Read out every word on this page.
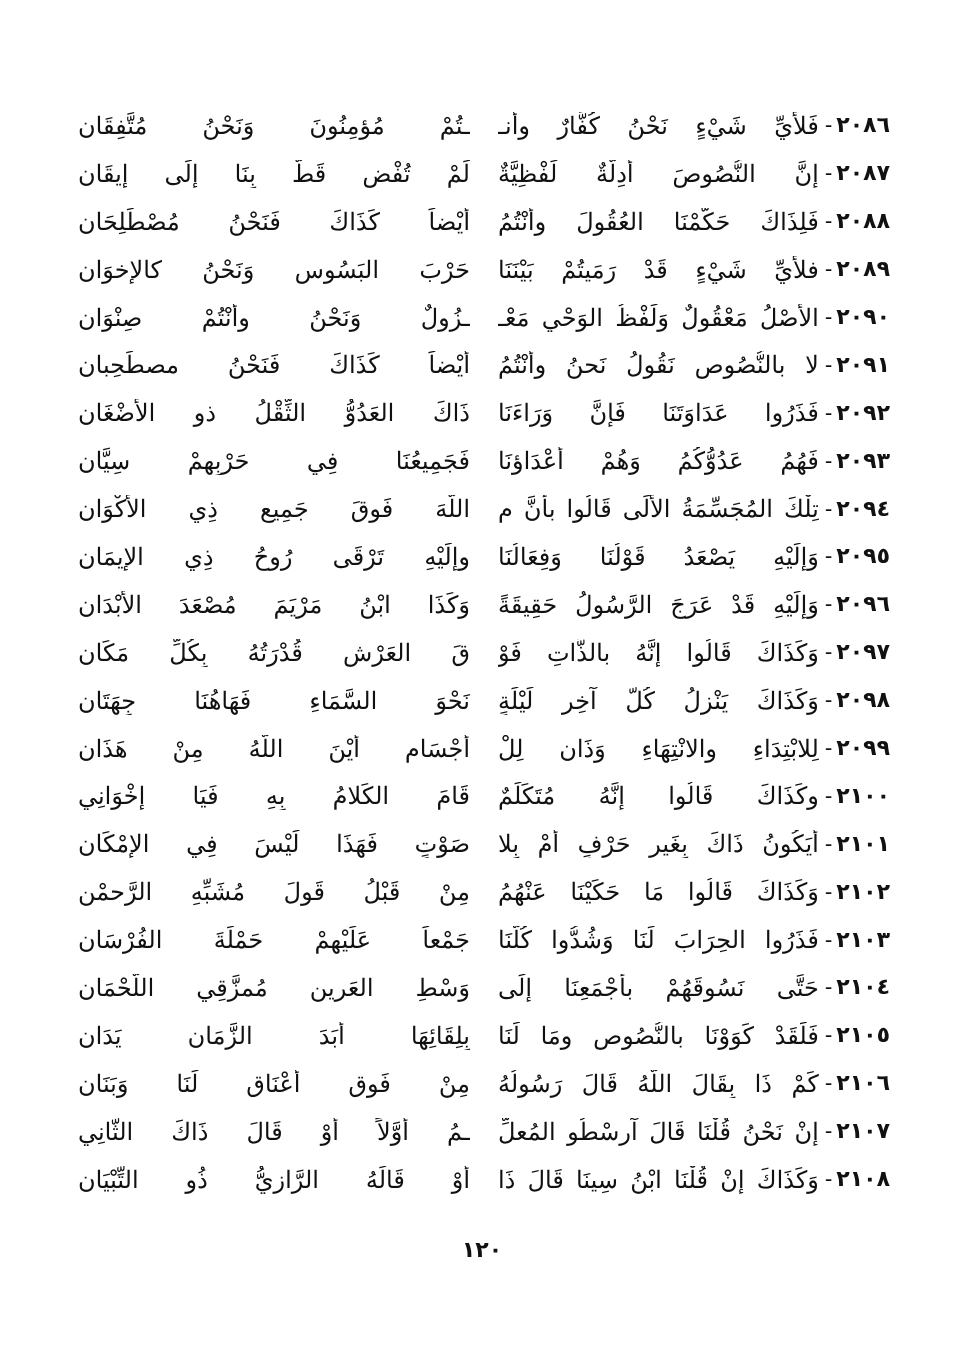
٢٠٨٦
-
فَلأَيِّ شَيْءٍ نَحْنُ كُفَّارٌ وأنـ
ـتُمْ مُؤمِنُونَ وَنَحْنُ مُتَّفِقَانِ
٢٠٨٧
-
إنَّ النُّصُوصَ أدِلَّةٌ لَفْظِيَّةٌ
لَمْ تُفْضِ قَطُّ بِنَا إلَى إيقَانِ
٢٠٨٨
-
فَلِذَاكَ حَكَّمْنَا العُقُولَ وأنْتُمُ
أيْضاً كَذَاكَ فَنَحْنُ مُصْطَلِحَانِ
٢٠٨٩
-
فلأيِّ شَيْءٍ قَدْ رَمَيتُمْ بَيْنَنَا
حَرْبَ البَسُوسِ وَنَحْنُ كالإخوَانِ
٢٠٩٠
-
الأصْلُ مَعْقُولٌ وَلَفْظُ الوَحْيِ مَعْـ
ـزُولٌ وَنَحْنُ وأنْتُمْ صِنْوَانِ
٢٠٩١
-
لا بالنُّصُوصِ نَقُولُ نَحنُ وأنْتُمُ
أيْضاً كَذَاكَ فَنَحْنُ مصطَحِبانِ
٢٠٩٢
-
فَذَرُوا عَدَاوَتَنَا فَإنَّ وَرَاءَنَا
ذَاكَ العَدُوُّ الثِّقْلُ ذو الأضْغَانِ
٢٠٩٣
-
فَهُمُ عَدُوُّكُمُ وَهُمْ أعْدَاؤنَا
فَجَمِيعُنَا فِي حَرْبِهِمْ سِيَّانِ
٢٠٩٤
-
تِلْكَ المُجَسِّمَةُ الأُلَى قَالُوا بأنَّ م
اللَّهَ فَوقَ جَمِيعِ ذِي الأكْوَانِ
٢٠٩٥
-
وَإلَيْهِ يَصْعَدُ قَوْلُنَا وَفِعَالُنَا
وإلَيْهِ تَرْقَى رُوحُ ذِي الإيمَانِ
٢٠٩٦
-
وَإلَيْهِ قَدْ عَرَجَ الرَّسُولُ حَقِيقَةً
وَكَذَا ابْنُ مَرْيَمَ مُصْعَدَ الأبْدَانِ
٢٠٩٧
-
وَكَذَاكَ قَالُوا إنَّهُ بالذَّاتِ فَوْ
قَ العَرْشِ قُدْرَتُهُ بِكُلِّ مَكَانِ
٢٠٩٨
-
وَكَذَاكَ يَنْزِلُ كُلَّ آخِرِ لَيْلَةٍ
نَحْوَ السَّمَاءِ فَهَاهُنَا جِهَتَانِ
٢٠٩٩
-
لِلابْتِدَاءِ والانْتِهَاءِ وَذَانِ لِلْ
أجْسَامِ أيْنَ اللَّهُ مِنْ هَذَانِ
٢١٠٠
-
وكَذَاكَ قَالُوا إنَّهُ مُتَكَلِّمٌ
قَامَ الكَلامُ بِهِ فَيَا إخْوَانِي
٢١٠١
-
أيَكُونُ ذَاكَ بِغَيرِ حَرْفٍ أمْ بِلا
صَوْتٍ فَهَذَا لَيْسَ فِي الإمْكَانِ
٢١٠٢
-
وَكَذَاكَ قَالُوا مَا حَكَيْنَا عَنْهُمُ
مِنْ قَبْلُ قَولَ مُشَبِّهِ الرَّحمْنِ
٢١٠٣
-
فَذَرُوا الحِرَابَ لَنَا وَشُدُّوا كُلُّنَا
جَمْعاً عَلَيْهِمْ حَمْلَةَ الفُرْسَانِ
٢١٠٤
-
حَتَّى نَسُوقَهُمْ بأجْمَعِنَا إلَى
وَسْطِ العَرِينِ مُمزَّقِي اللُّحْمَانِ
٢١٠٥
-
فَلَقَدْ كَوَوْنَا بالنُّصُوصِ ومَا لَنَا
بِلِقَائِهَا أبَدَ الزَّمَانِ يَدَانِ
٢١٠٦
-
كَمْ ذَا بِقَالَ اللَّهُ قَالَ رَسُولُهُ
مِنْ فَوقِ أعْنَاقٍ لَنَا وَبَنَانِ
٢١٠٧
-
إنْ نَحْنُ قُلْنَا قَالَ آرِسْطُو المُعلِّ
ـمُ أوَّلاً أوْ قَالَ ذَاكَ الثَّانِي
٢١٠٨
-
وَكَذَاكَ إنْ قُلْنَا ابْنُ سِينَا قَالَ ذَا
أوْ قَالَهُ الرَّازِيُّ ذُو التِّبْيَانِ
١٢٠
